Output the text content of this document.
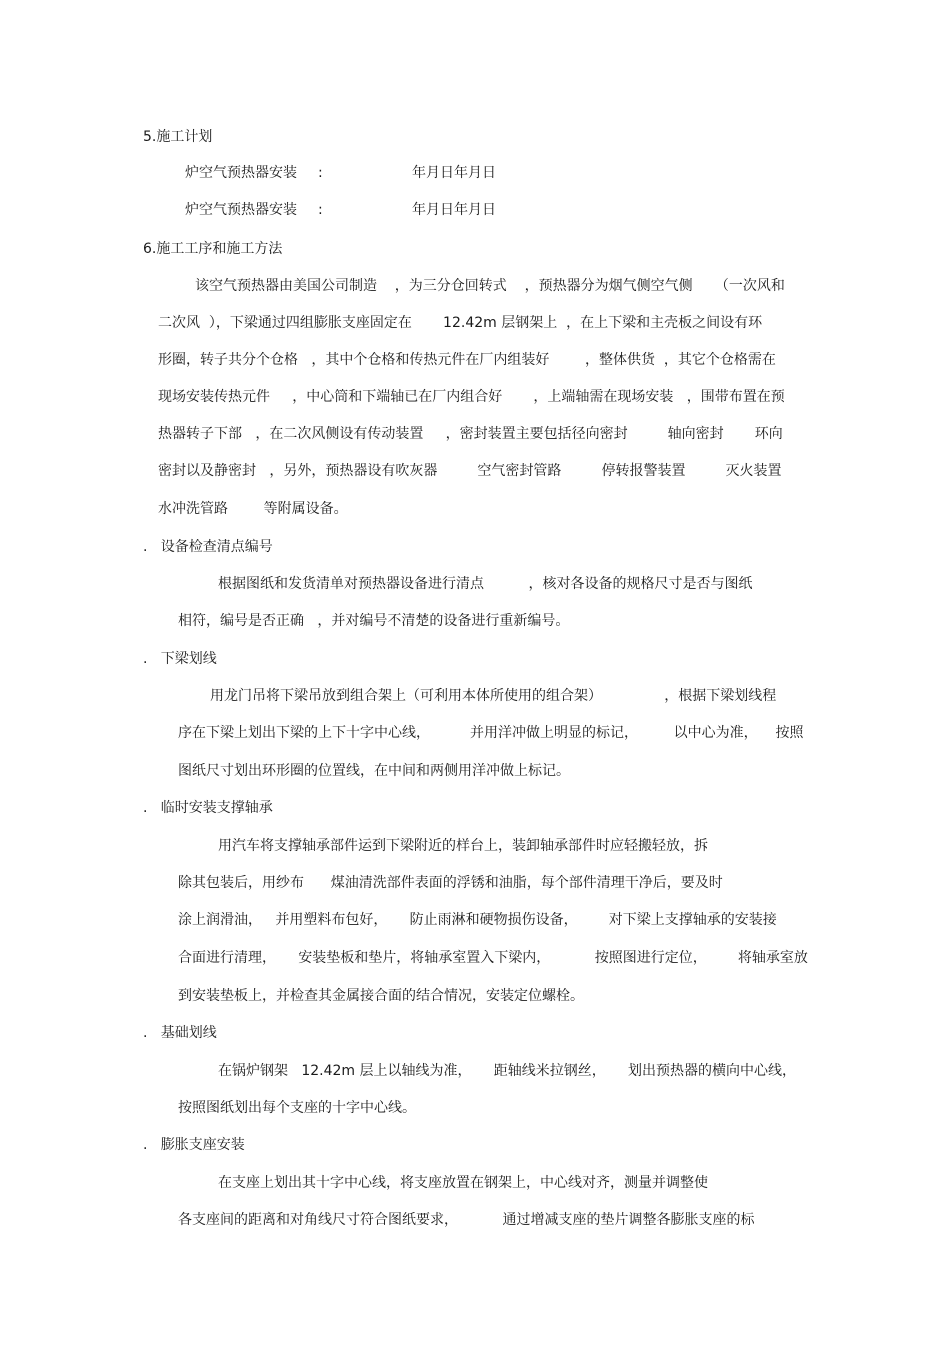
5.施工计划
炉空气预热器安装 :	年月日年月日
炉空气预热器安装 :	年月日年月日
6.施工工序和施工方法
该空气预热器由美国公司制造    ，为三分仓回转式    ，预热器分为烟气侧空气侧     （一次风和
二次风  ），下梁通过四组膨胀支座固定在       12.42m 层钢架上  ，在上下梁和主壳板之间设有环
形圈，转子共分个仓格   ，其中个仓格和传热元件在厂内组装好        ，整体供货  ，其它个仓格需在
现场安装传热元件     ，中心筒和下端轴已在厂内组合好       ，上端轴需在现场安装   ，围带布置在预
热器转子下部   ，在二次风侧设有传动装置     ，密封装置主要包括径向密封         轴向密封       环向
密封以及静密封   ，另外，预热器设有吹灰器         空气密封管路         停转报警装置         灭火装置
水冲洗管路        等附属设备。
.   设备检查清点编号
根据图纸和发货清单对预热器设备进行清点          ，核对各设备的规格尺寸是否与图纸
相符，编号是否正确   ，并对编号不清楚的设备进行重新编号。
.   下梁划线
用龙门吊将下梁吊放到组合架上（可利用本体所使用的组合架）              ，根据下梁划线程
序在下梁上划出下梁的上下十字中心线，         并用洋冲做上明显的标记，        以中心为准，    按照
图纸尺寸划出环形圈的位置线，在中间和两侧用洋冲做上标记。
.   临时安装支撑轴承
用汽车将支撑轴承部件运到下梁附近的样台上，装卸轴承部件时应轻搬轻放，拆
除其包装后，用纱布      煤油清洗部件表面的浮锈和油脂，每个部件清理干净后，要及时
涂上润滑油，   并用塑料布包好，     防止雨淋和硬物损伤设备，       对下梁上支撑轴承的安装接
合面进行清理，     安装垫板和垫片，将轴承室置入下梁内，          按照图进行定位，       将轴承室放
到安装垫板上，并检查其金属接合面的结合情况，安装定位螺栓。
.   基础划线
在锅炉钢架   12.42m 层上以轴线为准，     距轴线米拉钢丝，     划出预热器的横向中心线，
按照图纸划出每个支座的十字中心线。
.   膨胀支座安装
在支座上划出其十字中心线，将支座放置在钢架上，中心线对齐，测量并调整使
各支座间的距离和对角线尺寸符合图纸要求，          通过增减支座的垫片调整各膨胀支座的标
